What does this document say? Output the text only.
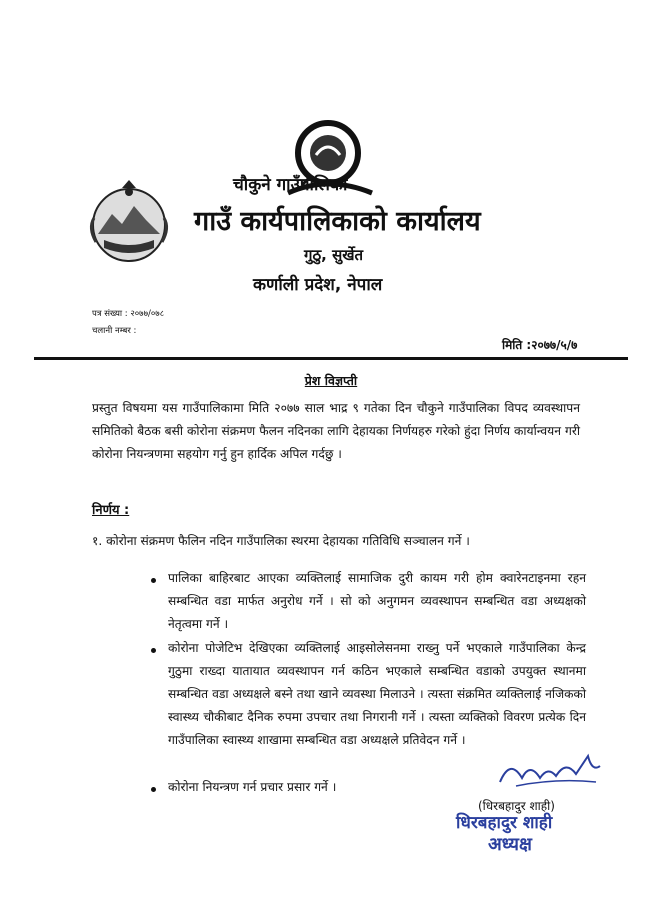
चौकुने गाउँपालिका
गाउँ कार्यपालिकाको कार्यालय
गुठु, सुर्खेत
कर्णाली प्रदेश, नेपाल
पत्र संख्या : २०७७/०७८
चलानी नम्बर :
मिति :२०७७/५/७
प्रेश विज्ञप्ती
प्रस्तुत विषयमा यस गाउँपालिकामा मिति २०७७ साल भाद्र ९ गतेका दिन चौकुने गाउँपालिका विपद व्यवस्थापन समितिको बैठक बसी कोरोना संक्रमण फैलन नदिनका लागि देहायका निर्णयहरु गरेको हुंदा निर्णय कार्यान्वयन गरी कोरोना नियन्त्रणमा सहयोग गर्नु हुन हार्दिक अपिल गर्दछु ।
निर्णय :
१. कोरोना संक्रमण फैलिन नदिन गाउँपालिका स्थरमा देहायका गतिविधि सञ्चालन गर्ने ।
पालिका बाहिरबाट आएका व्यक्तिलाई सामाजिक दुरी कायम गरी होम क्वारेनटाइनमा रहन सम्बन्धित वडा मार्फत अनुरोध गर्ने । सो को अनुगमन व्यवस्थापन सम्बन्धित वडा अध्यक्षको नेतृत्वमा गर्ने ।
कोरोना पोजेटिभ देखिएका व्यक्तिलाई आइसोलेसनमा राख्नु पर्ने भएकाले गाउँपालिका केन्द्र गुठुमा राख्दा यातायात व्यवस्थापन गर्न कठिन भएकाले सम्बन्धित वडाको उपयुक्त स्थानमा सम्बन्धित वडा अध्यक्षले बस्ने तथा खाने व्यवस्था मिलाउने । त्यस्ता संक्रमित व्यक्तिलाई नजिकको स्वास्थ्य चौकीबाट दैनिक रुपमा उपचार तथा निगरानी गर्ने । त्यस्ता व्यक्तिको विवरण प्रत्येक दिन गाउँपालिका स्वास्थ्य शाखामा सम्बन्धित वडा अध्यक्षले प्रतिवेदन गर्ने ।
कोरोना नियन्त्रण गर्न प्रचार प्रसार गर्ने ।
(धिरबहादुर शाही)
धिरबहादुर शाही
अध्यक्ष
